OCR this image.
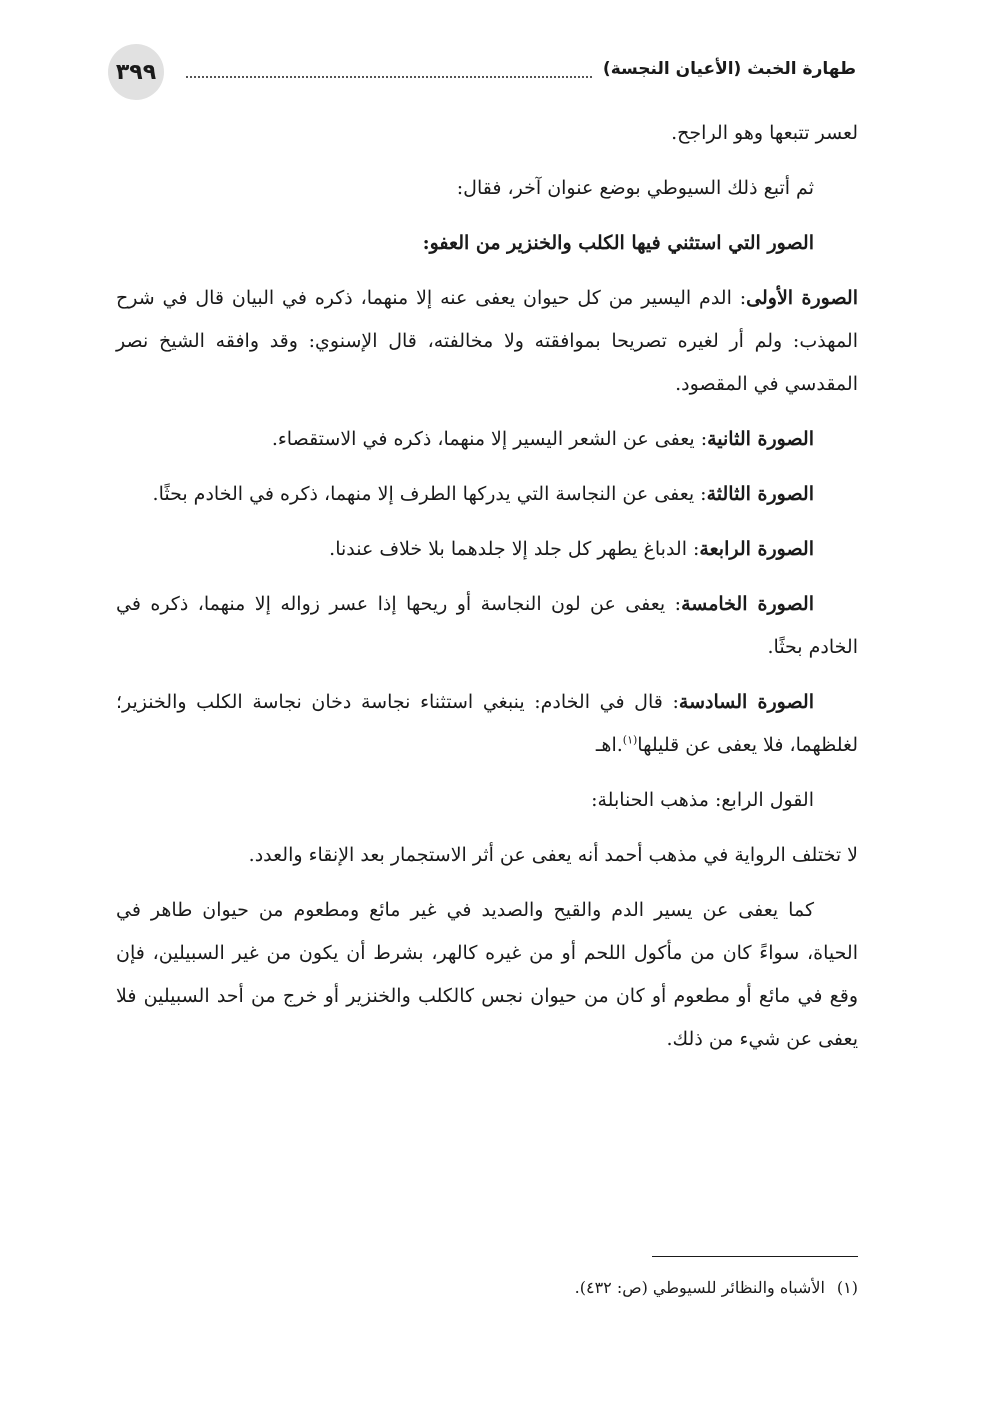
طهارة الخبث (الأعيان النجسة)
٣٩٩

لعسر تتبعها وهو الراجح.

ثم أتبع ذلك السيوطي بوضع عنوان آخر، فقال:

الصور التي استثني فيها الكلب والخنزير من العفو:

الصورة الأولى: الدم اليسير من كل حيوان يعفى عنه إلا منهما، ذكره في البيان قال في شرح المهذب: ولم أر لغيره تصريحا بموافقته ولا مخالفته، قال الإسنوي: وقد وافقه الشيخ نصر المقدسي في المقصود.

الصورة الثانية: يعفى عن الشعر اليسير إلا منهما، ذكره في الاستقصاء.

الصورة الثالثة: يعفى عن النجاسة التي يدركها الطرف إلا منهما، ذكره في الخادم بحثًا.

الصورة الرابعة: الدباغ يطهر كل جلد إلا جلدهما بلا خلاف عندنا.

الصورة الخامسة: يعفى عن لون النجاسة أو ريحها إذا عسر زواله إلا منهما، ذكره في الخادم بحثًا.

الصورة السادسة: قال في الخادم: ينبغي استثناء نجاسة دخان نجاسة الكلب والخنزير؛ لغلظهما، فلا يعفى عن قليلها$^{(١)}$.اهـ

القول الرابع: مذهب الحنابلة:

لا تختلف الرواية في مذهب أحمد أنه يعفى عن أثر الاستجمار بعد الإنقاء والعدد.

كما يعفى عن يسير الدم والقيح والصديد في غير مائع ومطعوم من حيوان طاهر في الحياة، سواءً كان من مأكول اللحم أو من غيره كالهر، بشرط أن يكون من غير السبيلين، فإن وقع في مائع أو مطعوم أو كان من حيوان نجس كالكلب والخنزير أو خرج من أحد السبيلين فلا يعفى عن شيء من ذلك.

(١)الأشباه والنظائر للسيوطي (ص: ٤٣٢).
